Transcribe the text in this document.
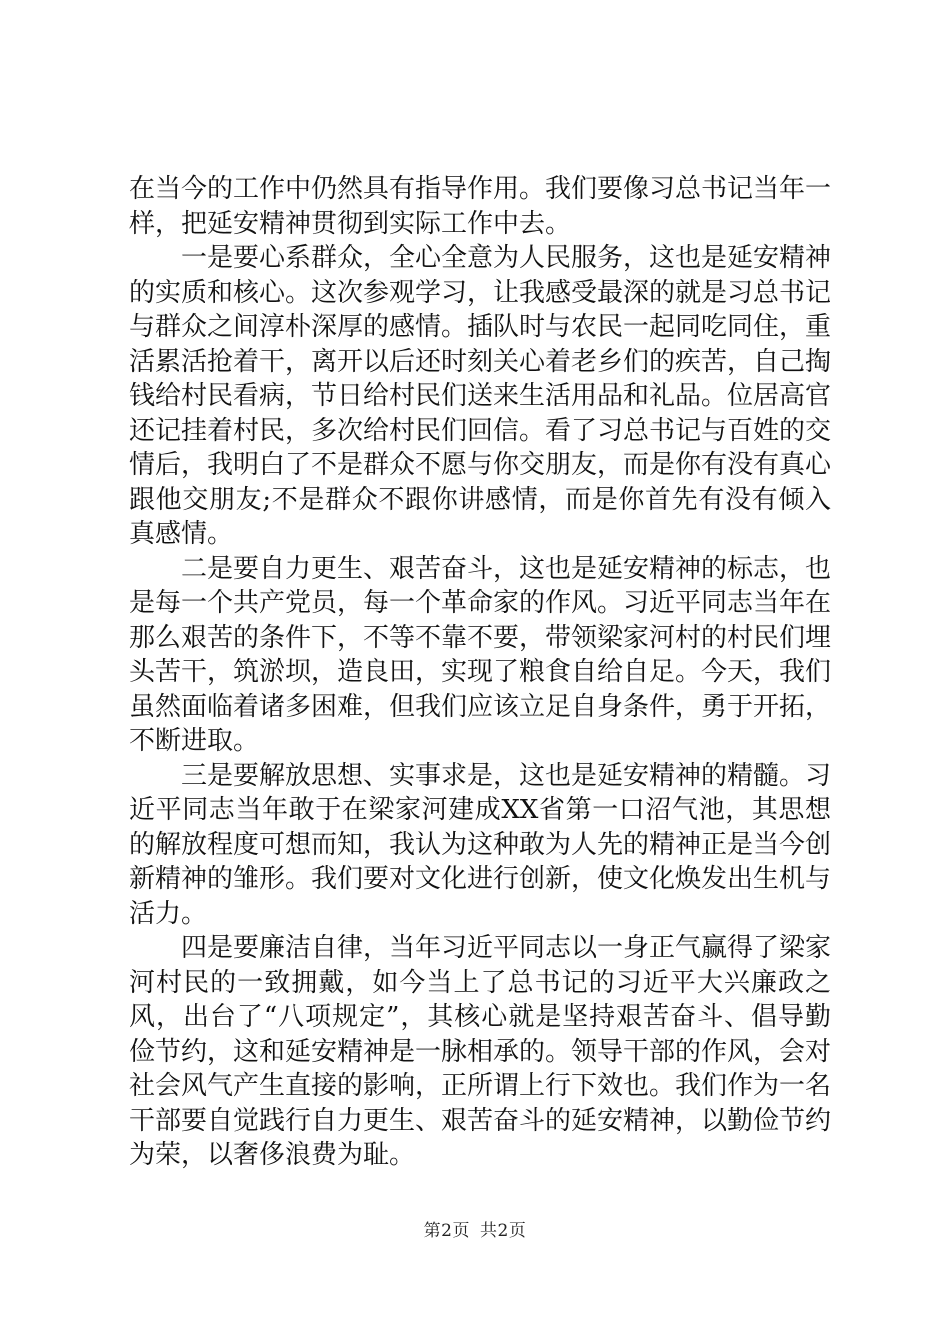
在当今的工作中仍然具有指导作用。我们要像习总书记当年一样，把延安精神贯彻到实际工作中去。

一是要心系群众，全心全意为人民服务，这也是延安精神的实质和核心。这次参观学习，让我感受最深的就是习总书记与群众之间淳朴深厚的感情。插队时与农民一起同吃同住，重活累活抢着干，离开以后还时刻关心着老乡们的疾苦，自己掏钱给村民看病，节日给村民们送来生活用品和礼品。位居高官还记挂着村民，多次给村民们回信。看了习总书记与百姓的交情后，我明白了不是群众不愿与你交朋友，而是你有没有真心跟他交朋友;不是群众不跟你讲感情，而是你首先有没有倾入真感情。

二是要自力更生、艰苦奋斗，这也是延安精神的标志，也是每一个共产党员，每一个革命家的作风。习近平同志当年在那么艰苦的条件下，不等不靠不要，带领梁家河村的村民们埋头苦干，筑淤坝，造良田，实现了粮食自给自足。今天，我们虽然面临着诸多困难，但我们应该立足自身条件，勇于开拓，不断进取。

三是要解放思想、实事求是，这也是延安精神的精髓。习近平同志当年敢于在梁家河建成XX省第一口沼气池，其思想的解放程度可想而知，我认为这种敢为人先的精神正是当今创新精神的雏形。我们要对文化进行创新，使文化焕发出生机与活力。

四是要廉洁自律，当年习近平同志以一身正气赢得了梁家河村民的一致拥戴，如今当上了总书记的习近平大兴廉政之风，出台了“八项规定”，其核心就是坚持艰苦奋斗、倡导勤俭节约，这和延安精神是一脉相承的。领导干部的作风，会对社会风气产生直接的影响，正所谓上行下效也。我们作为一名干部要自觉践行自力更生、艰苦奋斗的延安精神，以勤俭节约为荣，以奢侈浪费为耻。

第2页 共2页
